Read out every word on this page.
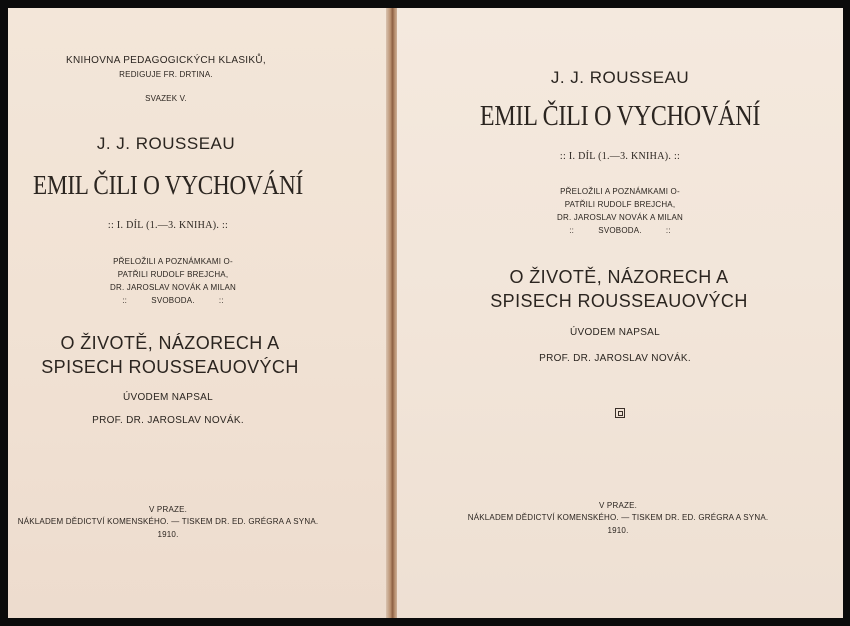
KNIHOVNA PEDAGOGICKÝCH KLASIKŮ,
REDIGUJE FR. DRTINA.
SVAZEK V.
J. J. ROUSSEAU
EMIL ČILI O VYCHOVÁNÍ
:: I. DÍL (1.—3. KNIHA). ::
PŘELOŽILI A POZNÁMKAMI O-
PATŘILI RUDOLF BREJCHA,
DR. JAROSLAV NOVÁK A MILAN
::          SVOBODA.          ::
O ŽIVOTĚ, NÁZORECH A
SPISECH ROUSSEAUOVÝCH
ÚVODEM NAPSAL
PROF. DR. JAROSLAV NOVÁK.
V PRAZE.
NÁKLADEM DĚDICTVÍ KOMENSKÉHO. — TISKEM DR. ED. GRÉGRA A SYNA.
1910.
J. J. ROUSSEAU
EMIL ČILI O VYCHOVÁNÍ
:: I. DÍL (1.—3. KNIHA). ::
PŘELOŽILI A POZNÁMKAMI O-
PATŘILI RUDOLF BREJCHA,
DR. JAROSLAV NOVÁK A MILAN
::          SVOBODA.          ::
O ŽIVOTĚ, NÁZORECH A
SPISECH ROUSSEAUOVÝCH
ÚVODEM NAPSAL
PROF. DR. JAROSLAV NOVÁK.
V PRAZE.
NÁKLADEM DĚDICTVÍ KOMENSKÉHO. — TISKEM DR. ED. GRÉGRA A SYNA.
1910.
